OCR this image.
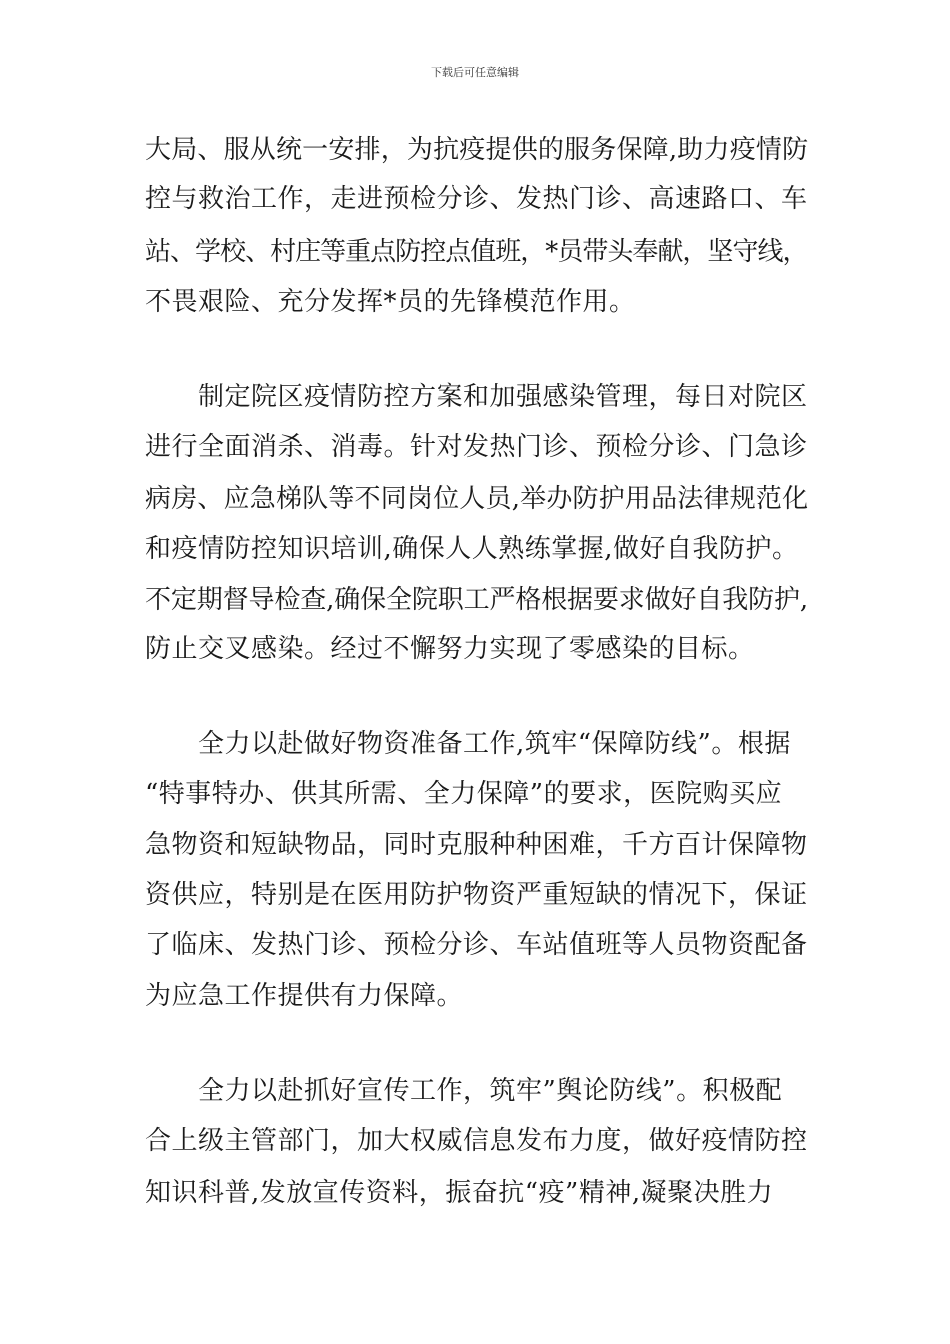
下载后可任意编辑
大局、服从统一安排，为抗疫提供的服务保障,助力疫情防
控与救治工作，走进预检分诊、发热门诊、高速路口、车
站、学校、村庄等重点防控点值班，*员带头奉献，坚守线，
不畏艰险、充分发挥*员的先锋模范作用。
制定院区疫情防控方案和加强感染管理，每日对院区
进行全面消杀、消毒。针对发热门诊、预检分诊、门急诊
病房、应急梯队等不同岗位人员,举办防护用品法律规范化
和疫情防控知识培训,确保人人熟练掌握,做好自我防护。
不定期督导检查,确保全院职工严格根据要求做好自我防护,
防止交叉感染。经过不懈努力实现了零感染的目标。
全力以赴做好物资准备工作,筑牢“保障防线”。根据
“特事特办、供其所需、全力保障”的要求，医院购买应
急物资和短缺物品，同时克服种种困难，千方百计保障物
资供应，特别是在医用防护物资严重短缺的情况下，保证
了临床、发热门诊、预检分诊、车站值班等人员物资配备
为应急工作提供有力保障。
全力以赴抓好宣传工作，筑牢”舆论防线”。积极配
合上级主管部门，加大权威信息发布力度，做好疫情防控
知识科普,发放宣传资料，振奋抗“疫”精神,凝聚决胜力
